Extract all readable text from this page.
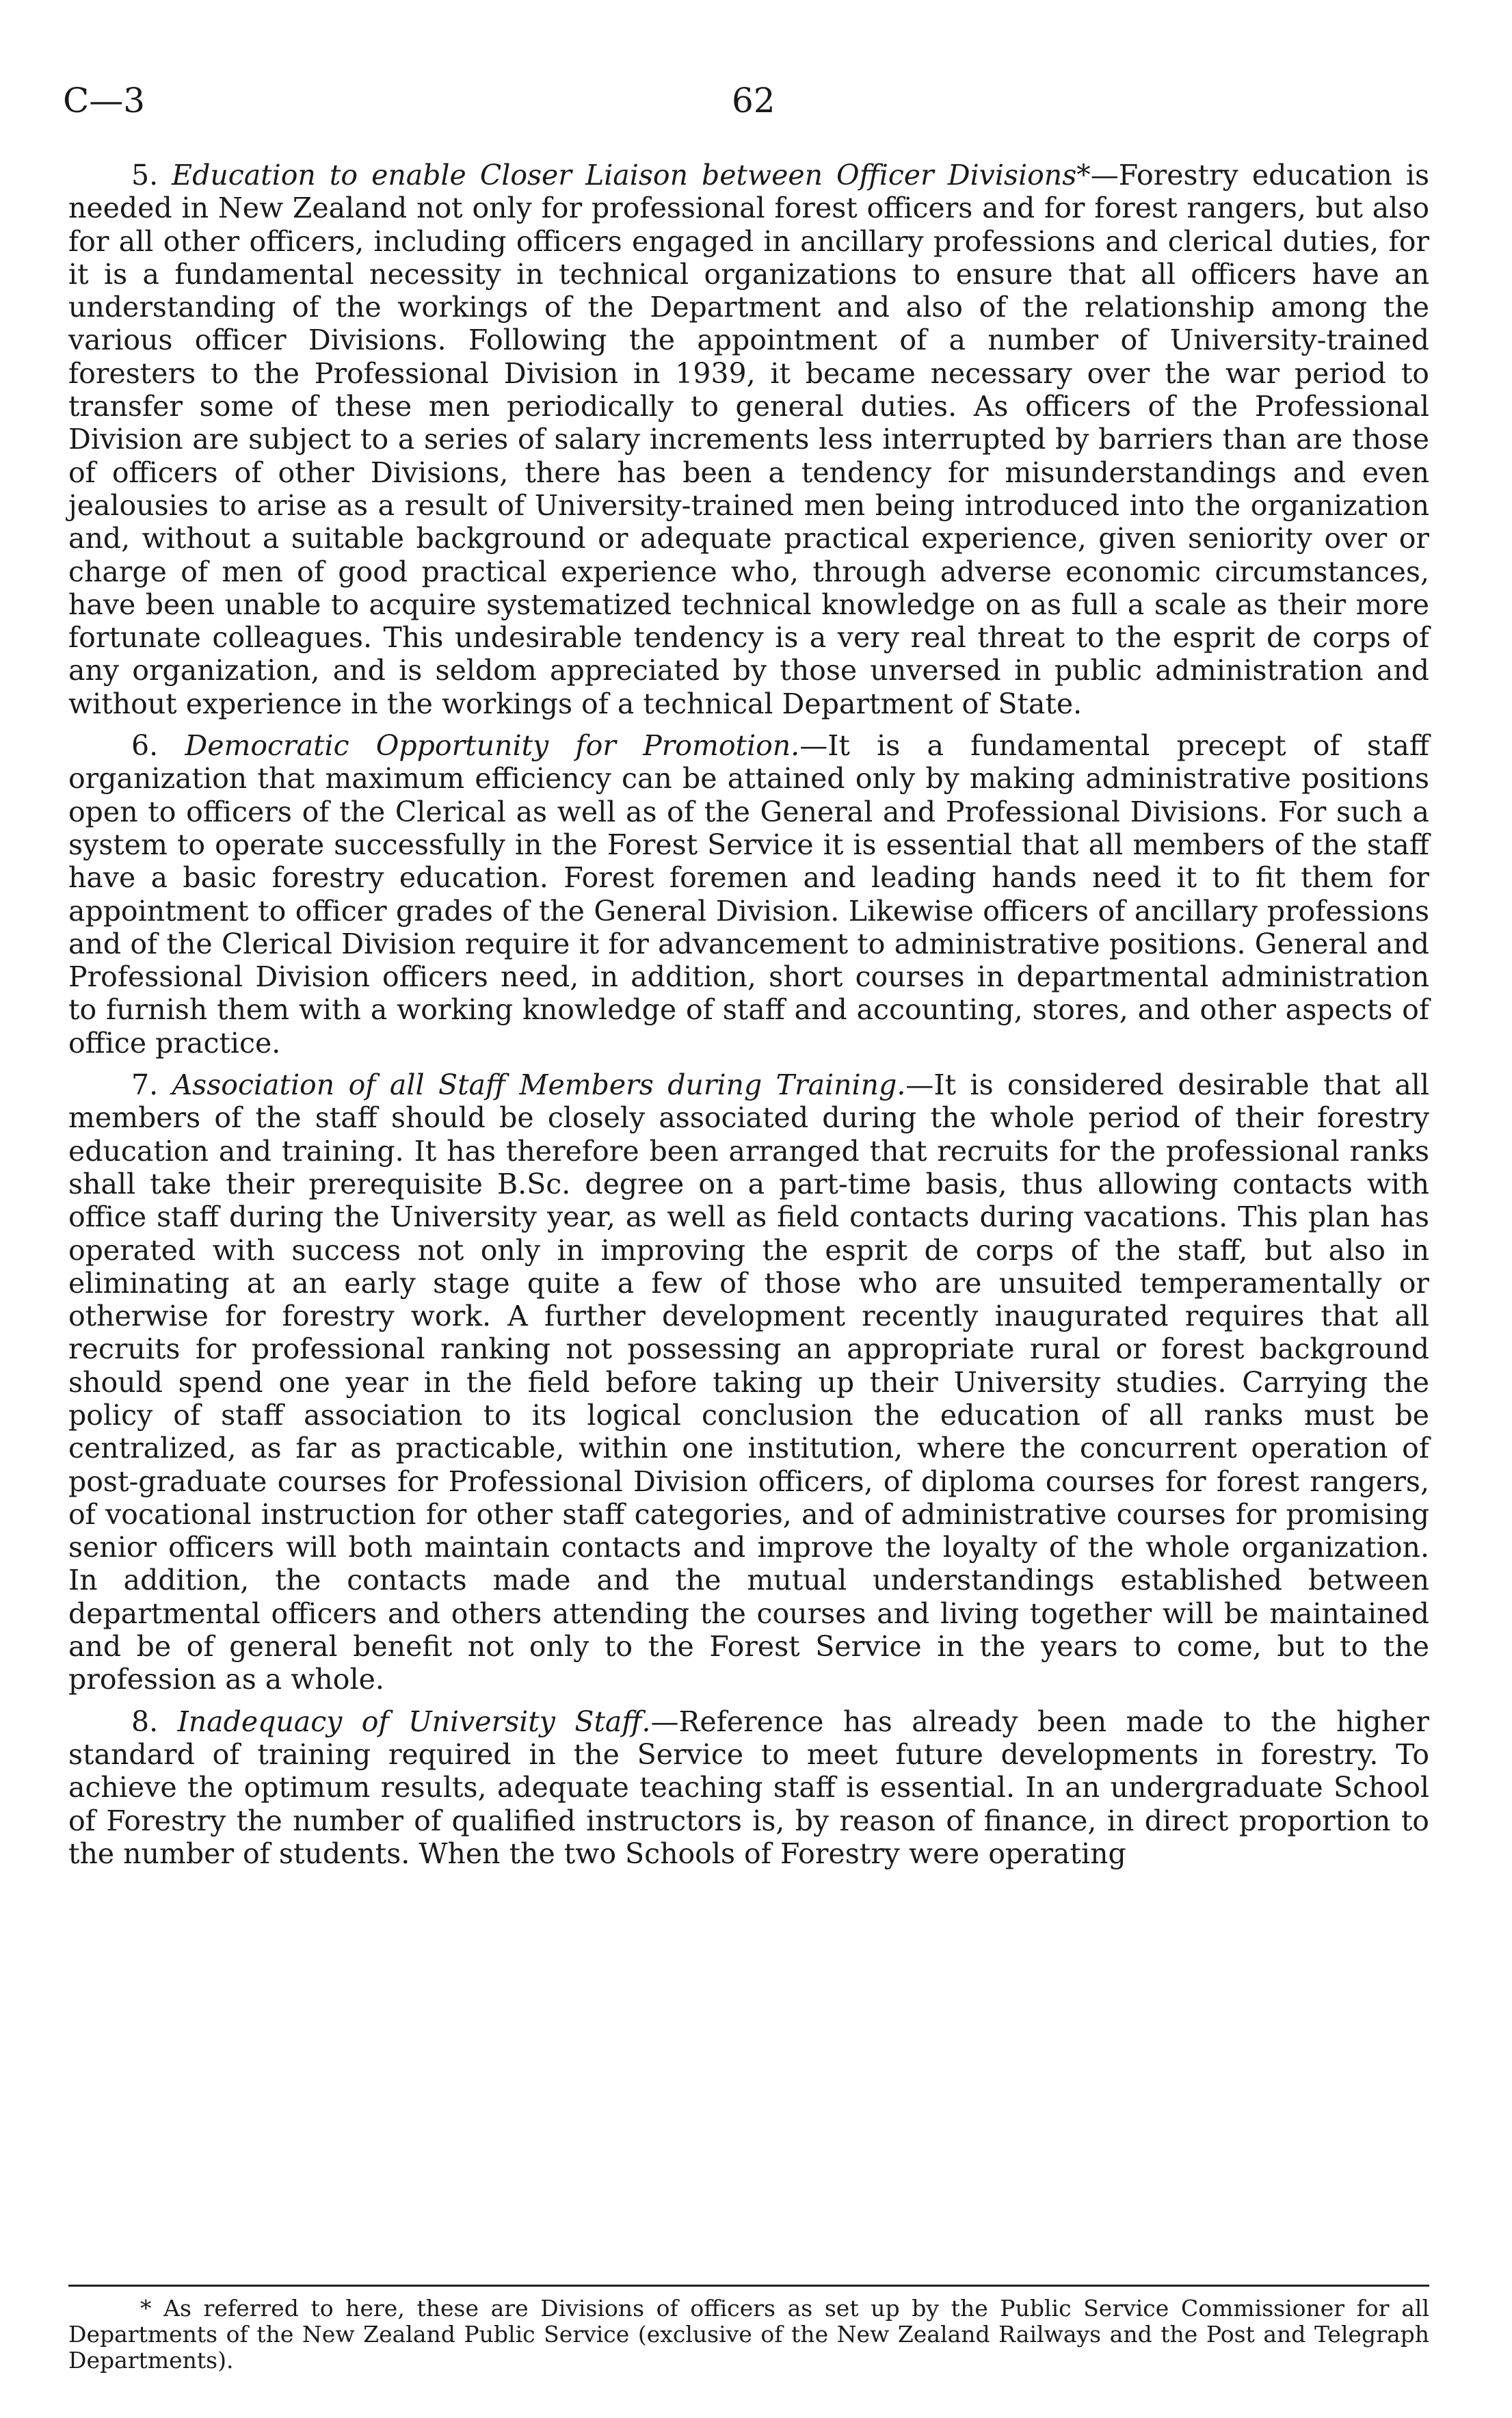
C—3	62

5. Education to enable Closer Liaison between Officer Divisions*—Forestry education is needed in New Zealand not only for professional forest officers and for forest rangers, but also for all other officers, including officers engaged in ancillary professions and clerical duties, for it is a fundamental necessity in technical organizations to ensure that all officers have an understanding of the workings of the Department and also of the relationship among the various officer Divisions. Following the appointment of a number of University-trained foresters to the Professional Division in 1939, it became necessary over the war period to transfer some of these men periodically to general duties. As officers of the Professional Division are subject to a series of salary increments less interrupted by barriers than are those of officers of other Divisions, there has been a tendency for misunderstandings and even jealousies to arise as a result of University-trained men being introduced into the organization and, without a suitable background or adequate practical experience, given seniority over or charge of men of good practical experience who, through adverse economic circumstances, have been unable to acquire systematized technical knowledge on as full a scale as their more fortunate colleagues. This undesirable tendency is a very real threat to the esprit de corps of any organization, and is seldom appreciated by those unversed in public administration and without experience in the workings of a technical Department of State.

6. Democratic Opportunity for Promotion.—It is a fundamental precept of staff organization that maximum efficiency can be attained only by making administrative positions open to officers of the Clerical as well as of the General and Professional Divisions. For such a system to operate successfully in the Forest Service it is essential that all members of the staff have a basic forestry education. Forest foremen and leading hands need it to fit them for appointment to officer grades of the General Division. Likewise officers of ancillary professions and of the Clerical Division require it for advancement to administrative positions. General and Professional Division officers need, in addition, short courses in departmental administration to furnish them with a working knowledge of staff and accounting, stores, and other aspects of office practice.

7. Association of all Staff Members during Training.—It is considered desirable that all members of the staff should be closely associated during the whole period of their forestry education and training. It has therefore been arranged that recruits for the professional ranks shall take their prerequisite B.Sc. degree on a part-time basis, thus allowing contacts with office staff during the University year, as well as field contacts during vacations. This plan has operated with success not only in improving the esprit de corps of the staff, but also in eliminating at an early stage quite a few of those who are unsuited temperamentally or otherwise for forestry work. A further development recently inaugurated requires that all recruits for professional ranking not possessing an appropriate rural or forest background should spend one year in the field before taking up their University studies. Carrying the policy of staff association to its logical conclusion the education of all ranks must be centralized, as far as practicable, within one institution, where the concurrent operation of post-graduate courses for Professional Division officers, of diploma courses for forest rangers, of vocational instruction for other staff categories, and of administrative courses for promising senior officers will both maintain contacts and improve the loyalty of the whole organization. In addition, the contacts made and the mutual understandings established between departmental officers and others attending the courses and living together will be maintained and be of general benefit not only to the Forest Service in the years to come, but to the profession as a whole.

8. Inadequacy of University Staff.—Reference has already been made to the higher standard of training required in the Service to meet future developments in forestry. To achieve the optimum results, adequate teaching staff is essential. In an undergraduate School of Forestry the number of qualified instructors is, by reason of finance, in direct proportion to the number of students. When the two Schools of Forestry were operating

* As referred to here, these are Divisions of officers as set up by the Public Service Commissioner for all Departments of the New Zealand Public Service (exclusive of the New Zealand Railways and the Post and Telegraph Departments).
